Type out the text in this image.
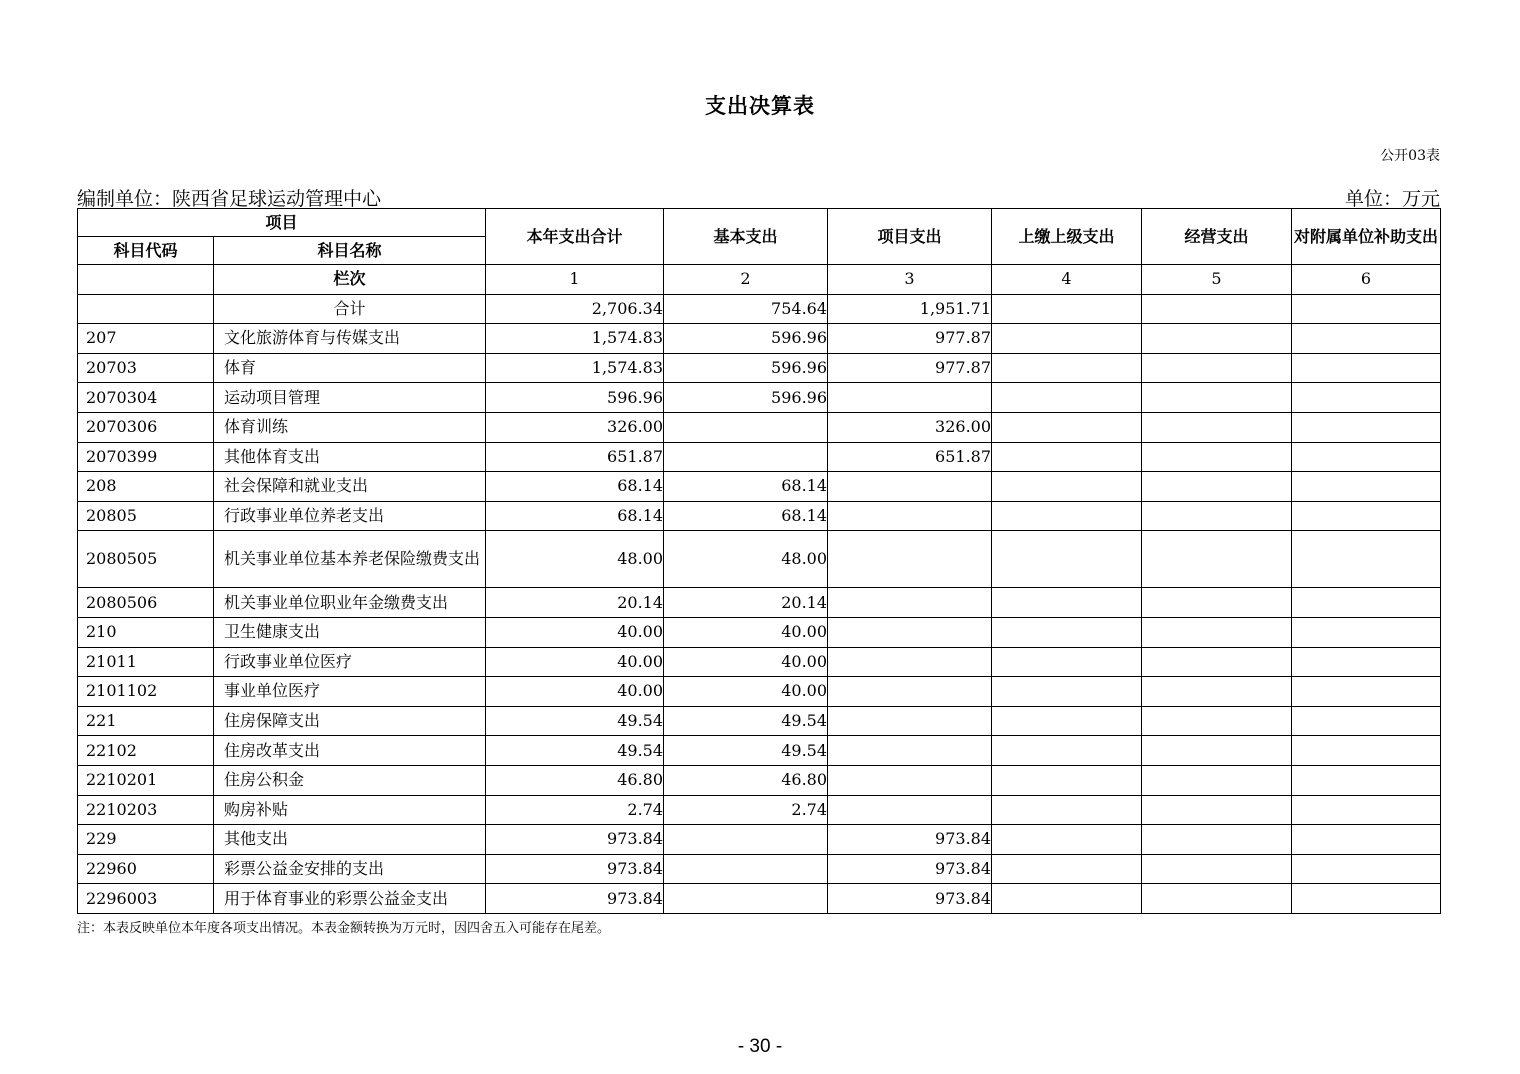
支出决算表
公开03表
编制单位：陕西省足球运动管理中心	单位：万元
项目		本年支出合计	基本支出	项目支出	上缴上级支出	经营支出	对附属单位补助支出
科目代码	科目名称						
	栏次	1	2	3	4	5	6
	合计	2,706.34	754.64	1,951.71			
207	文化旅游体育与传媒支出	1,574.83	596.96	977.87			
20703	体育	1,574.83	596.96	977.87			
2070304	运动项目管理	596.96	596.96				
2070306	体育训练	326.00		326.00			
2070399	其他体育支出	651.87		651.87			
208	社会保障和就业支出	68.14	68.14				
20805	行政事业单位养老支出	68.14	68.14				
2080505	机关事业单位基本养老保险缴费支出	48.00	48.00				
2080506	机关事业单位职业年金缴费支出	20.14	20.14				
210	卫生健康支出	40.00	40.00				
21011	行政事业单位医疗	40.00	40.00				
2101102	事业单位医疗	40.00	40.00				
221	住房保障支出	49.54	49.54				
22102	住房改革支出	49.54	49.54				
2210201	住房公积金	46.80	46.80				
2210203	购房补贴	2.74	2.74				
229	其他支出	973.84		973.84			
22960	彩票公益金安排的支出	973.84		973.84			
2296003	用于体育事业的彩票公益金支出	973.84		973.84			
注：本表反映单位本年度各项支出情况。本表金额转换为万元时，因四舍五入可能存在尾差。
- 30 -
